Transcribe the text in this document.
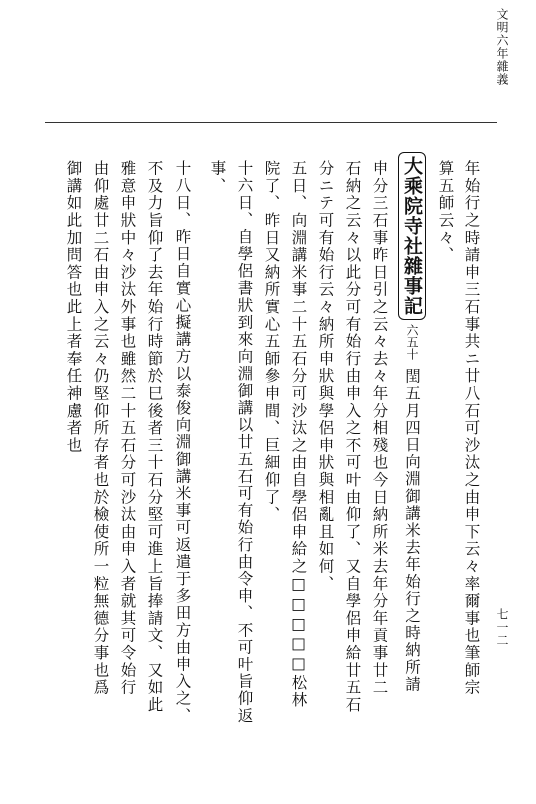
文明六年雜義
七一二
年始行之時請申三石事共ニ廿八石可沙汰之由申下云々率爾事也筆師宗
算五師云々、
大乘院寺社雜事記六五十閏五月四日向淵御講米去年始行之時納所請
申分三石事昨日引之云々去々年分相殘也今日納所米去年分年貢事廿二
石納之云々以此分可有始行由申入之不可叶由仰了、又自學侶申給廿五石
分ニテ可有始行云々納所申狀與學侶申狀與相亂且如何、
五日、向淵講米事二十五石分可沙汰之由自學侶申給之□□□□□松林
院了、昨日又納所實心五師參申間、巨細仰了、
十六日、自學侶書狀到來向淵御講以廿五石可有始行由令申、不可叶旨仰返
事、
十八日、昨日自實心擬講方以泰俊向淵御講米事可返遣于多田方由申入之、
不及力旨仰了去年始行時節於巳後者三十石分堅可進上旨捧請文、又如此
雅意申狀中々沙汰外事也雖然二十五石分可沙汰由申入者就其可令始行
由仰處廿二石由申入之云々仍堅仰所存者也於檢使所一粒無德分事也爲
御講如此加問答也此上者奉任神慮者也
